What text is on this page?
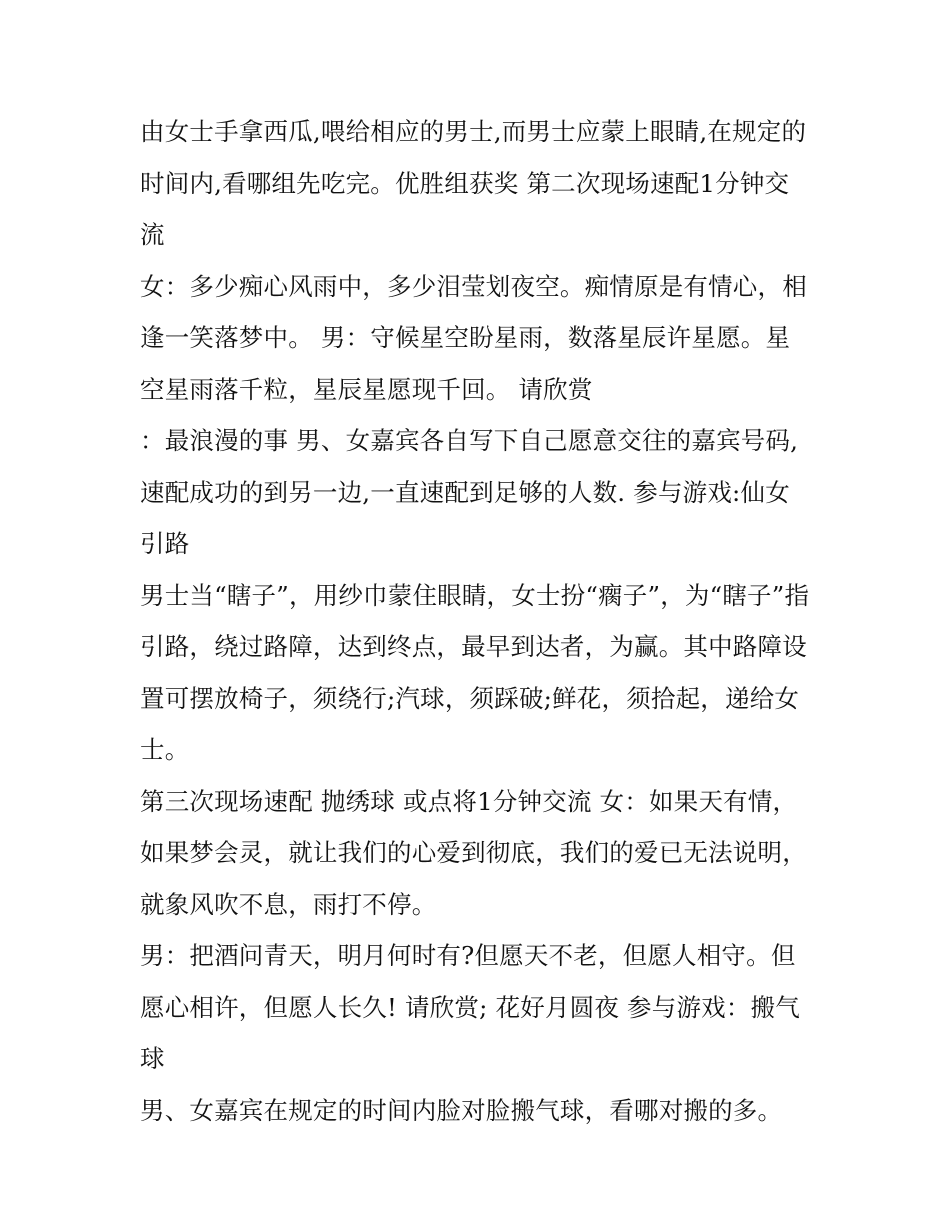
由女士手拿西瓜,喂给相应的男士,而男士应蒙上眼睛,在规定的时间内,看哪组先吃完。优胜组获奖 第二次现场速配1分钟交流

女：多少痴心风雨中，多少泪莹划夜空。痴情原是有情心，相逢一笑落梦中。 男：守候星空盼星雨，数落星辰许星愿。星空星雨落千粒，星辰星愿现千回。 请欣赏

：最浪漫的事 男、女嘉宾各自写下自己愿意交往的嘉宾号码,速配成功的到另一边,一直速配到足够的人数. 参与游戏:仙女引路

男士当“瞎子”，用纱巾蒙住眼睛，女士扮“瘸子”，为“瞎子”指引路，绕过路障，达到终点，最早到达者，为赢。其中路障设置可摆放椅子，须绕行;汽球，须踩破;鲜花，须拾起，递给女士。

第三次现场速配 抛绣球 或点将1分钟交流 女：如果天有情，如果梦会灵，就让我们的心爱到彻底，我们的爱已无法说明，就象风吹不息，雨打不停。

男：把酒问青天，明月何时有?但愿天不老，但愿人相守。但愿心相许，但愿人长久! 请欣赏; 花好月圆夜 参与游戏：搬气球

男、女嘉宾在规定的时间内脸对脸搬气球，看哪对搬的多。
